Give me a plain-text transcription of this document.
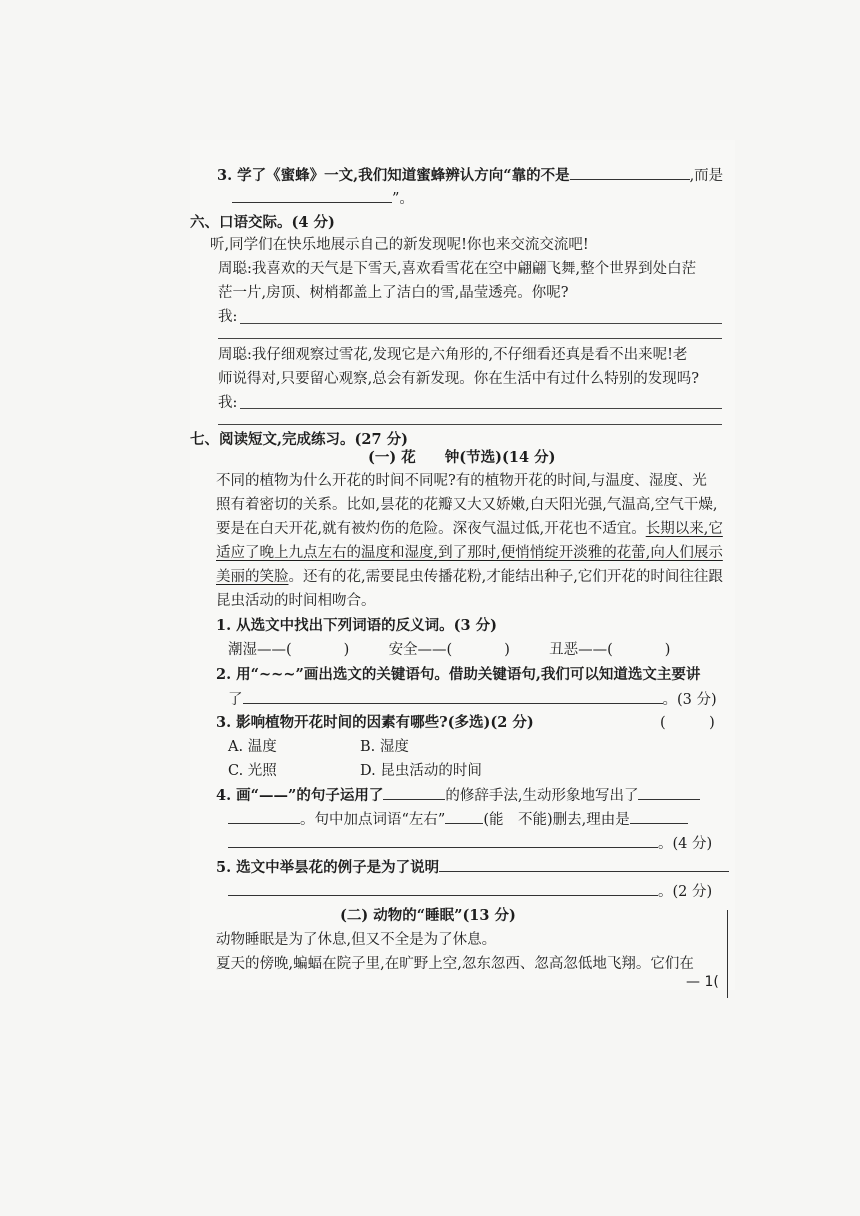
3. 学了《蜜蜂》一文,我们知道蜜蜂辨认方向“靠的不是	,而是
”。
六、口语交际。(4 分)
听,同学们在快乐地展示自己的新发现呢!你也来交流交流吧!
周聪:我喜欢的天气是下雪天,喜欢看雪花在空中翩翩飞舞,整个世界到处白茫
茫一片,房顶、树梢都盖上了洁白的雪,晶莹透亮。你呢?
我:
周聪:我仔细观察过雪花,发现它是六角形的,不仔细看还真是看不出来呢!老
师说得对,只要留心观察,总会有新发现。你在生活中有过什么特别的发现吗?
我:
七、阅读短文,完成练习。(27 分)
(一) 花　　钟(节选)(14 分)
不同的植物为什么开花的时间不同呢?有的植物开花的时间,与温度、湿度、光
照有着密切的关系。比如,昙花的花瓣又大又娇嫩,白天阳光强,气温高,空气干燥,
要是在白天开花,就有被灼伤的危险。深夜气温过低,开花也不适宜。长期以来,它
适应了晚上九点左右的温度和湿度,到了那时,便悄悄绽开淡雅的花蕾,向人们展示
美丽的笑脸。还有的花,需要昆虫传播花粉,才能结出种子,它们开花的时间往往跟
昆虫活动的时间相吻合。
1. 从选文中找出下列词语的反义词。(3 分)
潮湿——(	)	安全——(	)	丑恶——(	)
2. 用“~~~”画出选文的关键语句。借助关键语句,我们可以知道选文主要讲
了	。(3 分)
3. 影响植物开花时间的因素有哪些?(多选)(2 分)	(　　　)
A. 温度	B. 湿度
C. 光照	D. 昆虫活动的时间
4. 画“——”的句子运用了	的修辞手法,生动形象地写出了
。句中加点词语“左右”	(能　不能)删去,理由是
。(4 分)
5. 选文中举昙花的例子是为了说明
。(2 分)
(二) 动物的“睡眠”(13 分)
动物睡眠是为了休息,但又不全是为了休息。
夏天的傍晚,蝙蝠在院子里,在旷野上空,忽东忽西、忽高忽低地飞翔。它们在
— 1(
